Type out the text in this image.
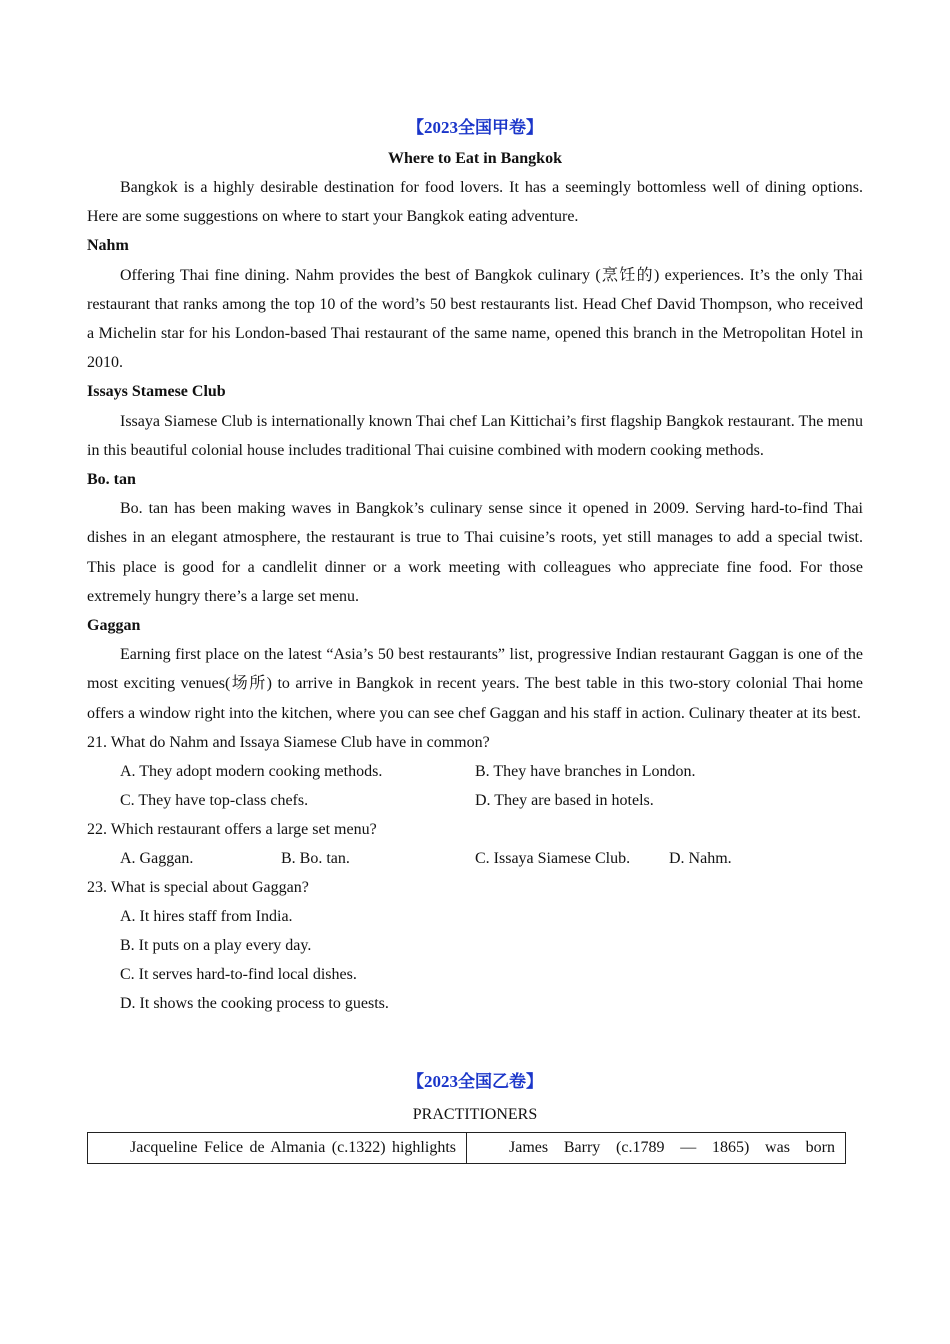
【2023全国甲卷】
Where to Eat in Bangkok

Bangkok is a highly desirable destination for food lovers. It has a seemingly bottomless well of dining options. Here are some suggestions on where to start your Bangkok eating adventure.

Nahm

Offering Thai fine dining. Nahm provides the best of Bangkok culinary (烹饪的) experiences. It’s the only Thai restaurant that ranks among the top 10 of the word’s 50 best restaurants list. Head Chef David Thompson, who received a Michelin star for his London-based Thai restaurant of the same name, opened this branch in the Metropolitan Hotel in 2010.

Issays Stamese Club

Issaya Siamese Club is internationally known Thai chef Lan Kittichai’s first flagship Bangkok restaurant. The menu in this beautiful colonial house includes traditional Thai cuisine combined with modern cooking methods.

Bo. tan

Bo. tan has been making waves in Bangkok’s culinary sense since it opened in 2009. Serving hard-to-find Thai dishes in an elegant atmosphere, the restaurant is true to Thai cuisine’s roots, yet still manages to add a special twist. This place is good for a candlelit dinner or a work meeting with colleagues who appreciate fine food. For those extremely hungry there’s a large set menu.

Gaggan

Earning first place on the latest “Asia’s 50 best restaurants” list, progressive Indian restaurant Gaggan is one of the most exciting venues(场所) to arrive in Bangkok in recent years. The best table in this two-story colonial Thai home offers a window right into the kitchen, where you can see chef Gaggan and his staff in action. Culinary theater at its best.

21. What do Nahm and Issaya Siamese Club have in common?
A. They adopt modern cooking methods.	B. They have branches in London.
C. They have top-class chefs.	D. They are based in hotels.
22. Which restaurant offers a large set menu?
A. Gaggan.	B. Bo. tan.	C. Issaya Siamese Club. D. Nahm.
23. What is special about Gaggan?
A. It hires staff from India.
B. It puts on a play every day.
C. It serves hard-to-find local dishes.
D. It shows the cooking process to guests.
【2023全国乙卷】
PRACTITIONERS
Jacqueline Felice de Almania (c.1322) highlights	James Barry (c.1789 — 1865) was born
